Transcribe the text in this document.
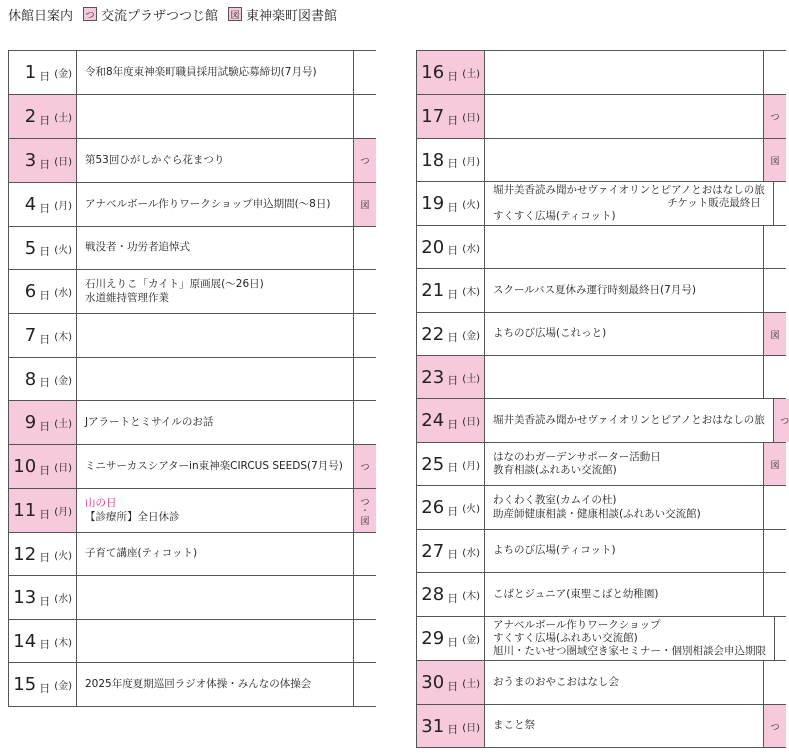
休館日案内 つ 交流プラザつつじ館 図 東神楽町図書館
1 日 (金) 令和8年度東神楽町職員採用試験応募締切(7月号)
2 日 (土)
3 日 (日) 第53回ひがしかぐら花まつり	つ
4 日 (月) アナベルボール作りワークショップ申込期間(～8日)	図
5 日 (火) 戦没者・功労者追悼式
6 日 (水)
石川えりこ「カイト」原画展(～26日)
水道維持管理作業
7 日 (木)
8 日 (金)
9 日 (土) Jアラートとミサイルのお話
10 日 (日) ミニサーカスシアターin東神楽CIRCUS SEEDS(7月号) つ
11 日 (月)
山の日
【診療所】全日休診
つ
・
図
12 日 (火) 子育て講座(ティコット)
13 日 (水)
14 日 (木)
15 日 (金) 2025年度夏期巡回ラジオ体操・みんなの体操会
16 日 (土)
17 日 (日)	つ
18 日 (月)	図
19 日 (火)
堀井美香読み聞かせヴァイオリンとピアノとおはなしの旅
チケット販売最終日
すくすく広場(ティコット)
20 日 (水)
21 日 (木) スクールバス夏休み運行時刻最終日(7月号)
22 日 (金) よちのび広場(これっと)	図
23 日 (土)
24 日 (日) 堀井美香読み聞かせヴァイオリンとピアノとおはなしの旅 つ
25 日 (月)
はなのわガーデンサポーター活動日
教育相談(ふれあい交流館)	図
26 日 (火)
わくわく教室(カムイの杜)
助産師健康相談・健康相談(ふれあい交流館)
27 日 (水) よちのび広場(ティコット)
28 日 (木) こばとジュニア(東聖こばと幼稚園)
29 日 (金)
アナベルボール作りワークショップ
すくすく広場(ふれあい交流館)
旭川・たいせつ圏域空き家セミナー・個別相談会申込期限
30 日 (土) おうまのおやこおはなし会
31 日 (日) まこと祭	つ
